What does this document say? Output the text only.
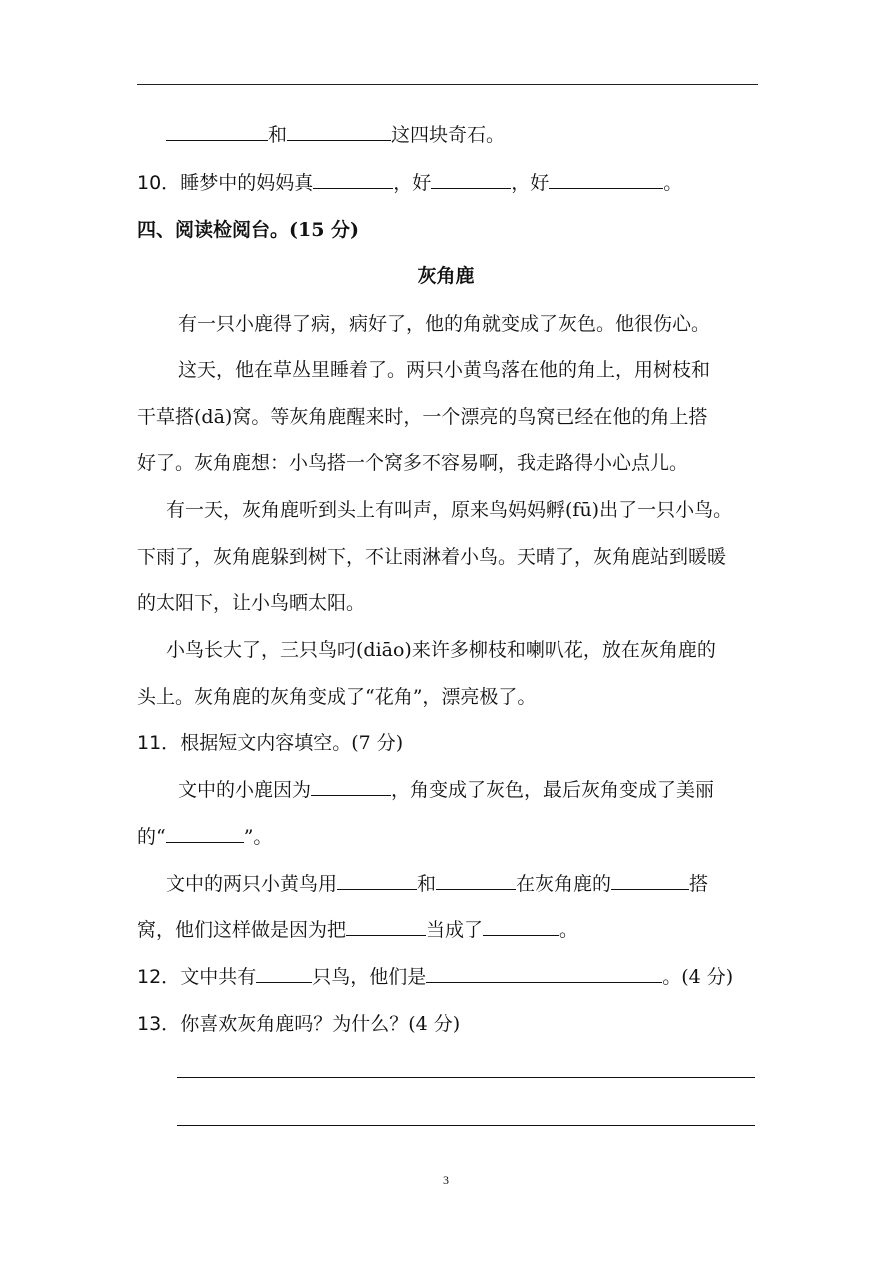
和	这四块奇石。
10．睡梦中的妈妈真	，好	，好	。
四、阅读检阅台。(15 分)
灰角鹿
有一只小鹿得了病，病好了，他的角就变成了灰色。他很伤心。
这天，他在草丛里睡着了。两只小黄鸟落在他的角上，用树枝和
干草搭(dā)窝。等灰角鹿醒来时，一个漂亮的鸟窝已经在他的角上搭
好了。灰角鹿想：小鸟搭一个窝多不容易啊，我走路得小心点儿。
有一天，灰角鹿听到头上有叫声，原来鸟妈妈孵(fū)出了一只小鸟。
下雨了，灰角鹿躲到树下，不让雨淋着小鸟。天晴了，灰角鹿站到暖暖
的太阳下，让小鸟晒太阳。
小鸟长大了，三只鸟叼(diāo)来许多柳枝和喇叭花，放在灰角鹿的
头上。灰角鹿的灰角变成了“花角”，漂亮极了。
11．根据短文内容填空。(7 分)
文中的小鹿因为	，角变成了灰色，最后灰角变成了美丽
的“	”。
文中的两只小黄鸟用	和	在灰角鹿的	搭
窝，他们这样做是因为把	当成了	。
12．文中共有	只鸟，他们是	。(4 分)
13．你喜欢灰角鹿吗？为什么？(4 分)
3
